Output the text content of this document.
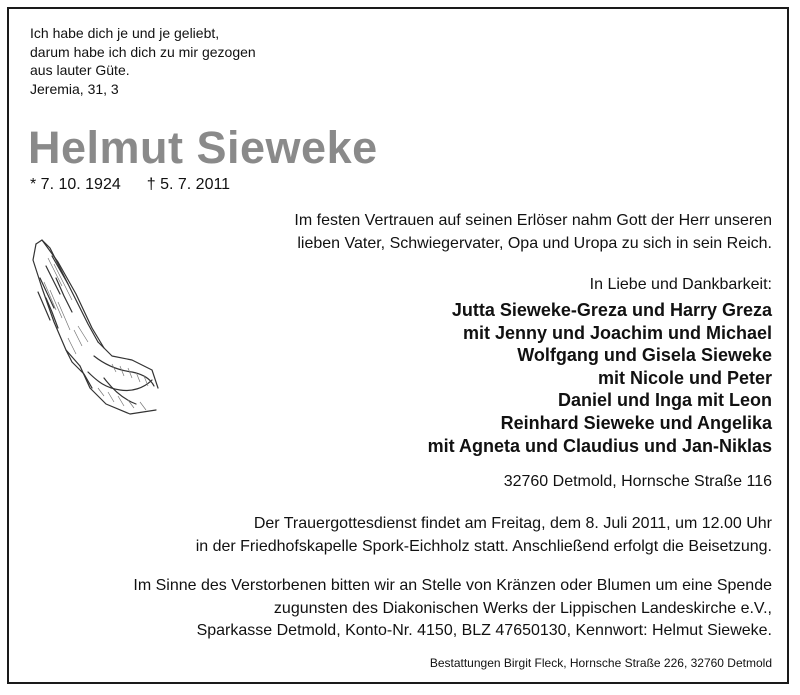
Ich habe dich je und je geliebt,
darum habe ich dich zu mir gezogen
aus lauter Güte.
Jeremia, 31, 3
Helmut Sieweke
* 7. 10. 1924 † 5. 7. 2011
Im festen Vertrauen auf seinen Erlöser nahm Gott der Herr unseren
lieben Vater, Schwiegervater, Opa und Uropa zu sich in sein Reich.
In Liebe und Dankbarkeit:
Jutta Sieweke-Greza und Harry Greza
mit Jenny und Joachim und Michael
Wolfgang und Gisela Sieweke
mit Nicole und Peter
Daniel und Inga mit Leon
Reinhard Sieweke und Angelika
mit Agneta und Claudius und Jan-Niklas
32760 Detmold, Hornsche Straße 116
Der Trauergottesdienst findet am Freitag, dem 8. Juli 2011, um 12.00 Uhr
in der Friedhofskapelle Spork-Eichholz statt. Anschließend erfolgt die Beisetzung.
Im Sinne des Verstorbenen bitten wir an Stelle von Kränzen oder Blumen um eine Spende
zugunsten des Diakonischen Werks der Lippischen Landeskirche e.V.,
Sparkasse Detmold, Konto-Nr. 4150, BLZ 47650130, Kennwort: Helmut Sieweke.
Bestattungen Birgit Fleck, Hornsche Straße 226, 32760 Detmold
